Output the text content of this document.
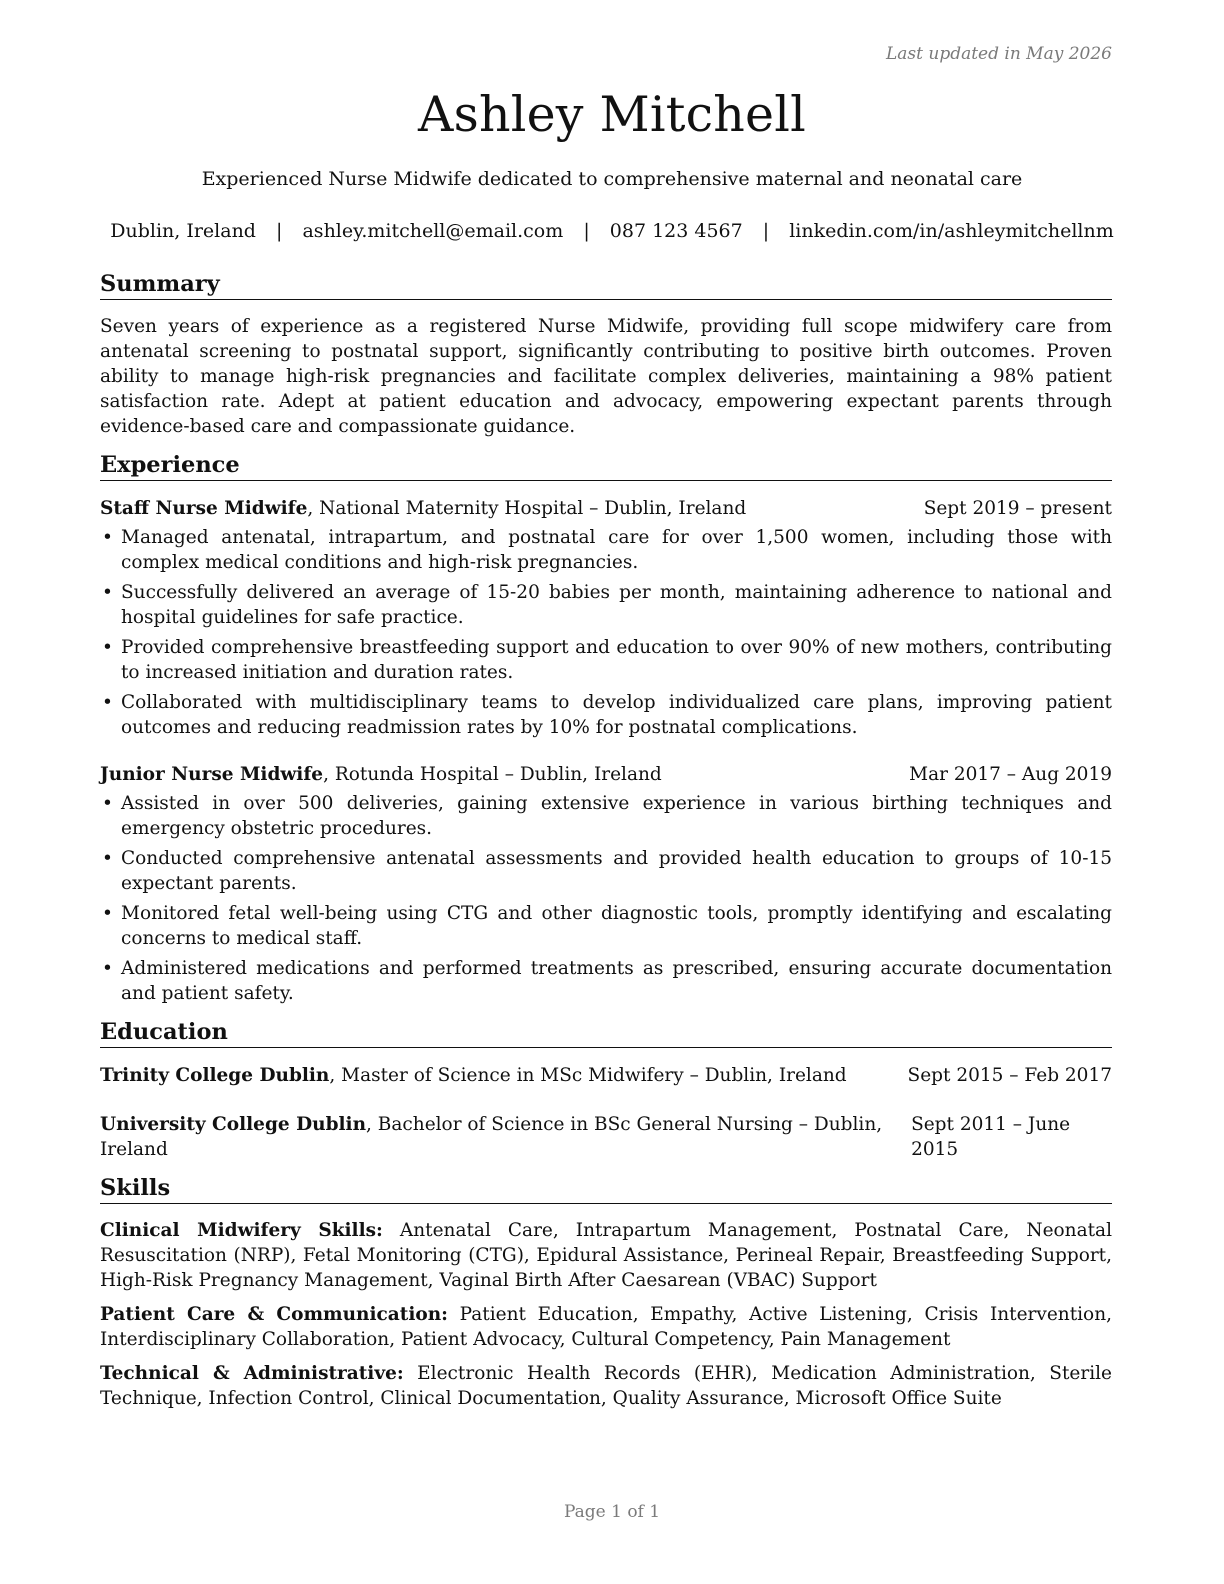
Last updated in May 2026
Ashley Mitchell

Experienced Nurse Midwife dedicated to comprehensive maternal and neonatal care

Dublin, Ireland | ashley.mitchell@email.com | 087 123 4567 | linkedin.com/in/ashleymitchellnm
Summary

Seven years of experience as a registered Nurse Midwife, providing full scope midwifery care from antenatal screening to postnatal support, significantly contributing to positive birth outcomes. Proven ability to manage high-risk pregnancies and facilitate complex deliveries, maintaining a 98% patient satisfaction rate. Adept at patient education and advocacy, empowering expectant parents through evidence-based care and compassionate guidance.

Experience
Staff Nurse Midwife, National Maternity Hospital – Dublin, Ireland	Sept 2019 – present
• Managed antenatal, intrapartum, and postnatal care for over 1,500 women, including those with complex medical conditions and high-risk pregnancies.
• Successfully delivered an average of 15-20 babies per month, maintaining adherence to national and hospital guidelines for safe practice.
• Provided comprehensive breastfeeding support and education to over 90% of new mothers, contributing to increased initiation and duration rates.
• Collaborated with multidisciplinary teams to develop individualized care plans, improving patient outcomes and reducing readmission rates by 10% for postnatal complications.
Junior Nurse Midwife, Rotunda Hospital – Dublin, Ireland	Mar 2017 – Aug 2019
• Assisted in over 500 deliveries, gaining extensive experience in various birthing techniques and emergency obstetric procedures.
• Conducted comprehensive antenatal assessments and provided health education to groups of 10-15 expectant parents.
• Monitored fetal well-being using CTG and other diagnostic tools, promptly identifying and escalating concerns to medical staff.
• Administered medications and performed treatments as prescribed, ensuring accurate documentation and patient safety.
Education
Trinity College Dublin, Master of Science in MSc Midwifery – Dublin, Ireland	Sept 2015 – Feb 2017
University College Dublin, Bachelor of Science in BSc General Nursing – Dublin, Ireland
Sept 2011 – June 2015
Skills

Clinical Midwifery Skills: Antenatal Care, Intrapartum Management, Postnatal Care, Neonatal Resuscitation (NRP), Fetal Monitoring (CTG), Epidural Assistance, Perineal Repair, Breastfeeding Support, High-Risk Pregnancy Management, Vaginal Birth After Caesarean (VBAC) Support

Patient Care & Communication: Patient Education, Empathy, Active Listening, Crisis Intervention, Interdisciplinary Collaboration, Patient Advocacy, Cultural Competency, Pain Management

Technical & Administrative: Electronic Health Records (EHR), Medication Administration, Sterile Technique, Infection Control, Clinical Documentation, Quality Assurance, Microsoft Office Suite

Page 1 of 1
